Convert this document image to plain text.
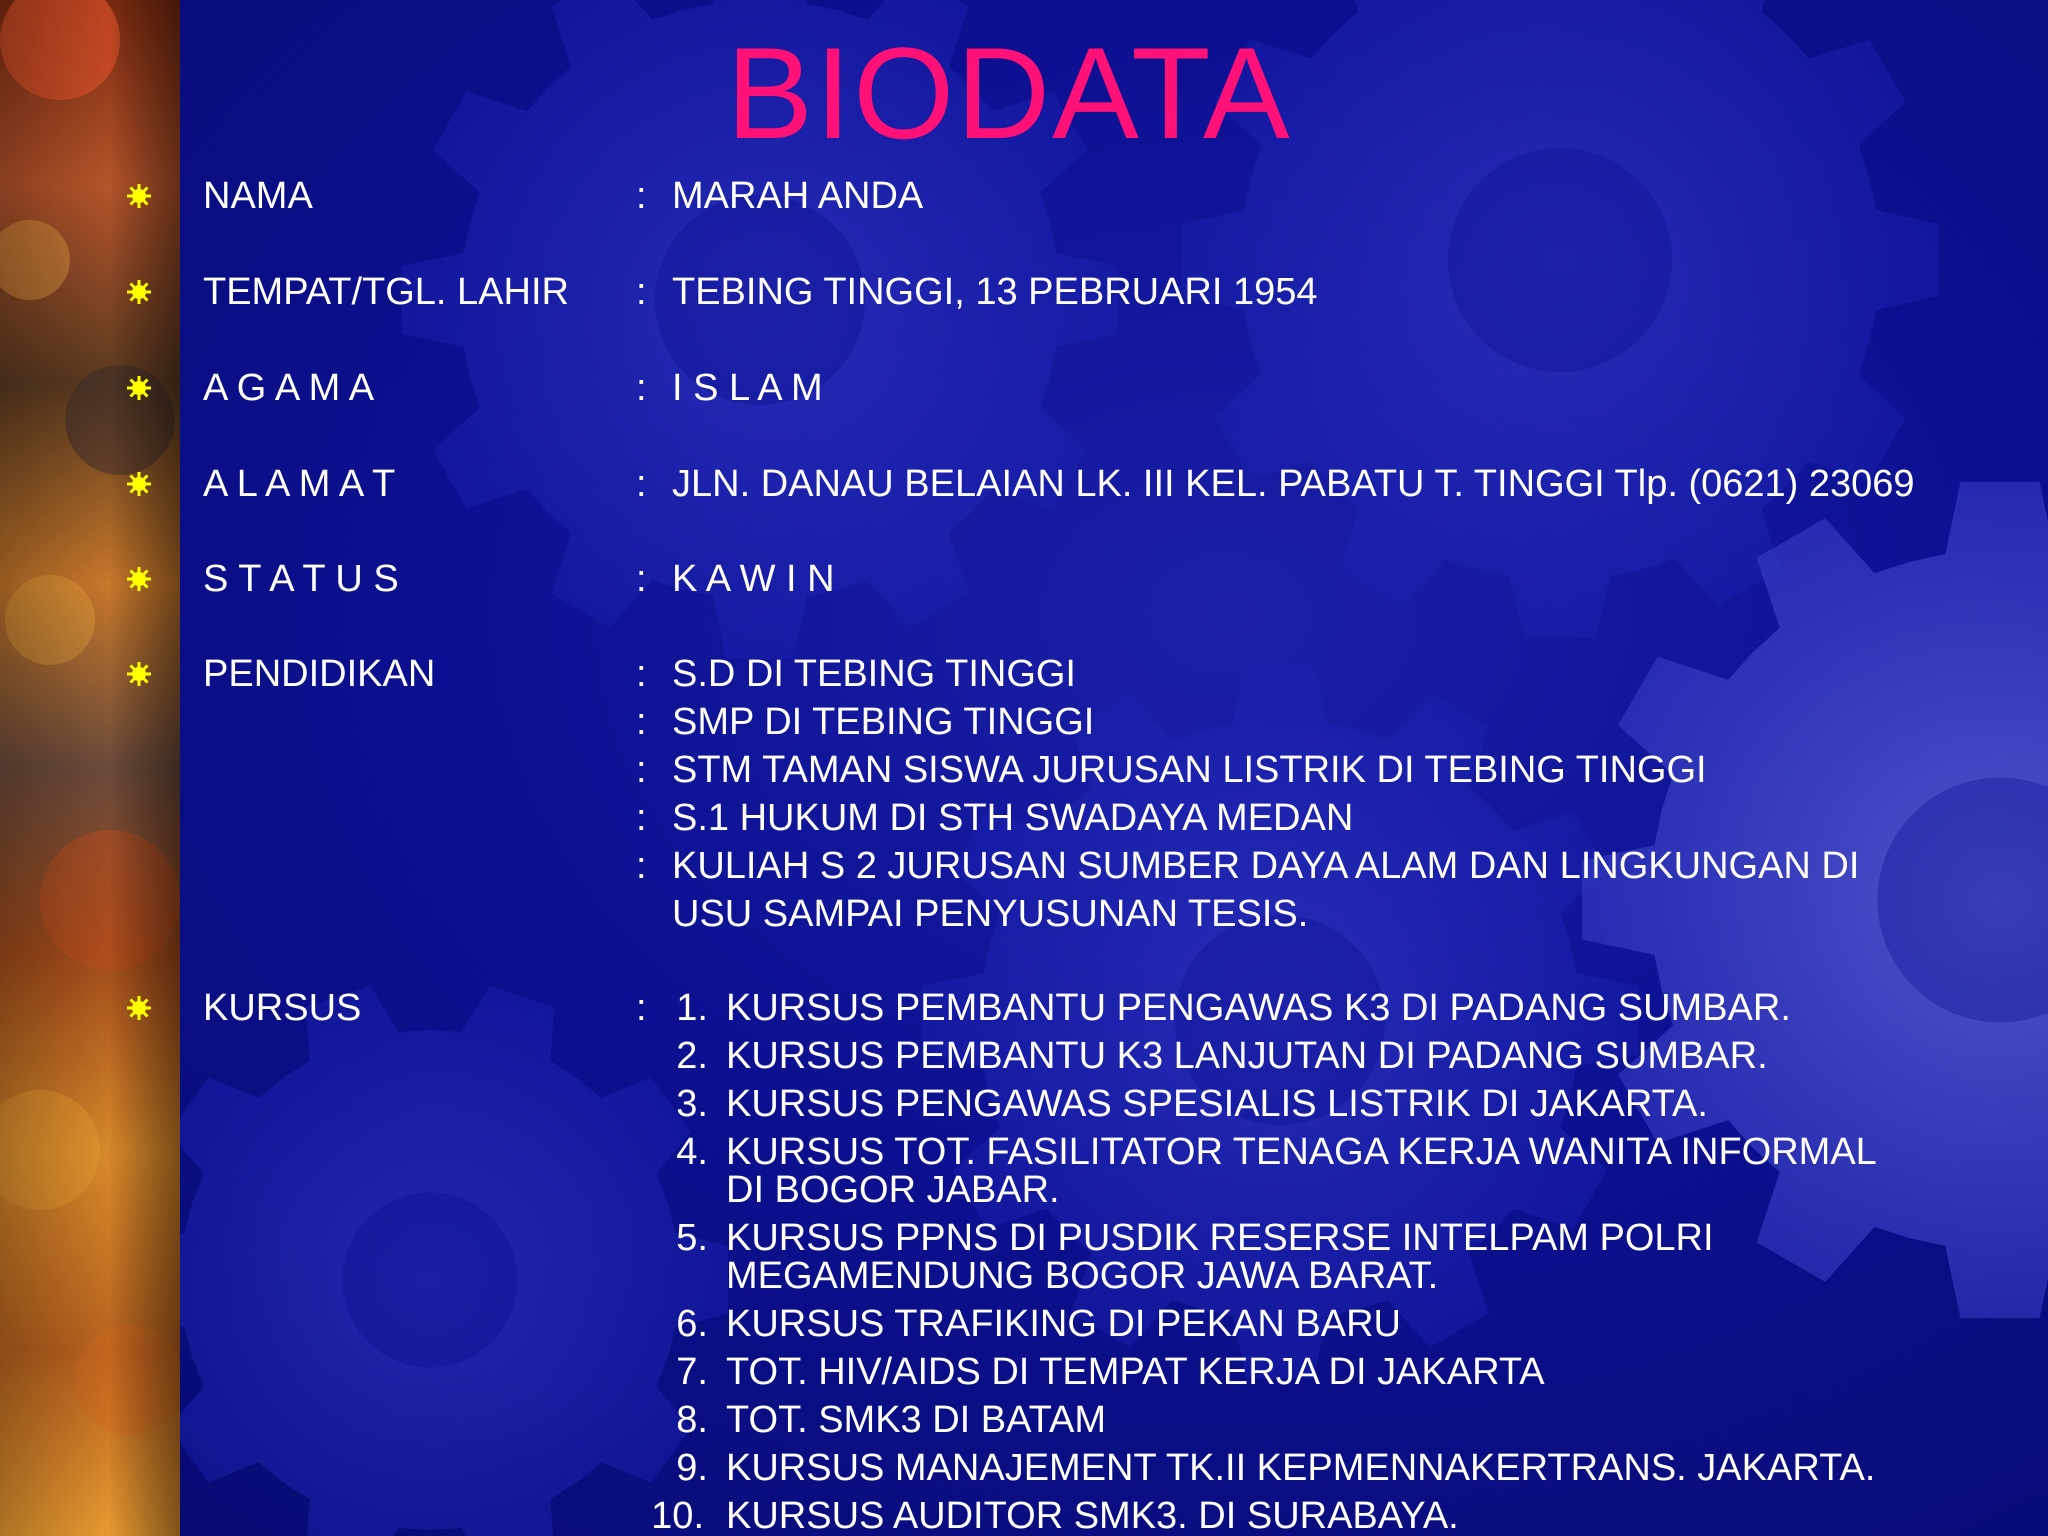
BIODATA
NAMA	: MARAH ANDA
TEMPAT/TGL. LAHIR : TEBING TINGGI, 13 PEBRUARI 1954
A G A M A	: I S L A M
A L A M A T	: JLN. DANAU BELAIAN LK. III KEL. PABATU T. TINGGI Tlp. (0621) 23069
S T A T U S	: K A W I N
PENDIDIKAN	: S.D DI TEBING TINGGI
: SMP DI TEBING TINGGI
: STM TAMAN SISWA JURUSAN LISTRIK DI TEBING TINGGI
: S.1 HUKUM DI STH SWADAYA MEDAN
: KULIAH S 2 JURUSAN SUMBER DAYA ALAM DAN LINGKUNGAN DI
USU SAMPAI PENYUSUNAN TESIS.
KURSUS	: 1. KURSUS PEMBANTU PENGAWAS K3 DI PADANG SUMBAR.
2. KURSUS PEMBANTU K3 LANJUTAN DI PADANG SUMBAR.
3. KURSUS PENGAWAS SPESIALIS LISTRIK DI JAKARTA.
4. KURSUS TOT. FASILITATOR TENAGA KERJA WANITA INFORMAL
DI BOGOR JABAR.
5. KURSUS PPNS DI PUSDIK RESERSE INTELPAM POLRI
MEGAMENDUNG BOGOR JAWA BARAT.
6. KURSUS TRAFIKING DI PEKAN BARU
7. TOT. HIV/AIDS DI TEMPAT KERJA DI JAKARTA
8. TOT. SMK3 DI BATAM
9. KURSUS MANAJEMENT TK.II KEPMENNAKERTRANS. JAKARTA.
10. KURSUS AUDITOR SMK3. DI SURABAYA.
